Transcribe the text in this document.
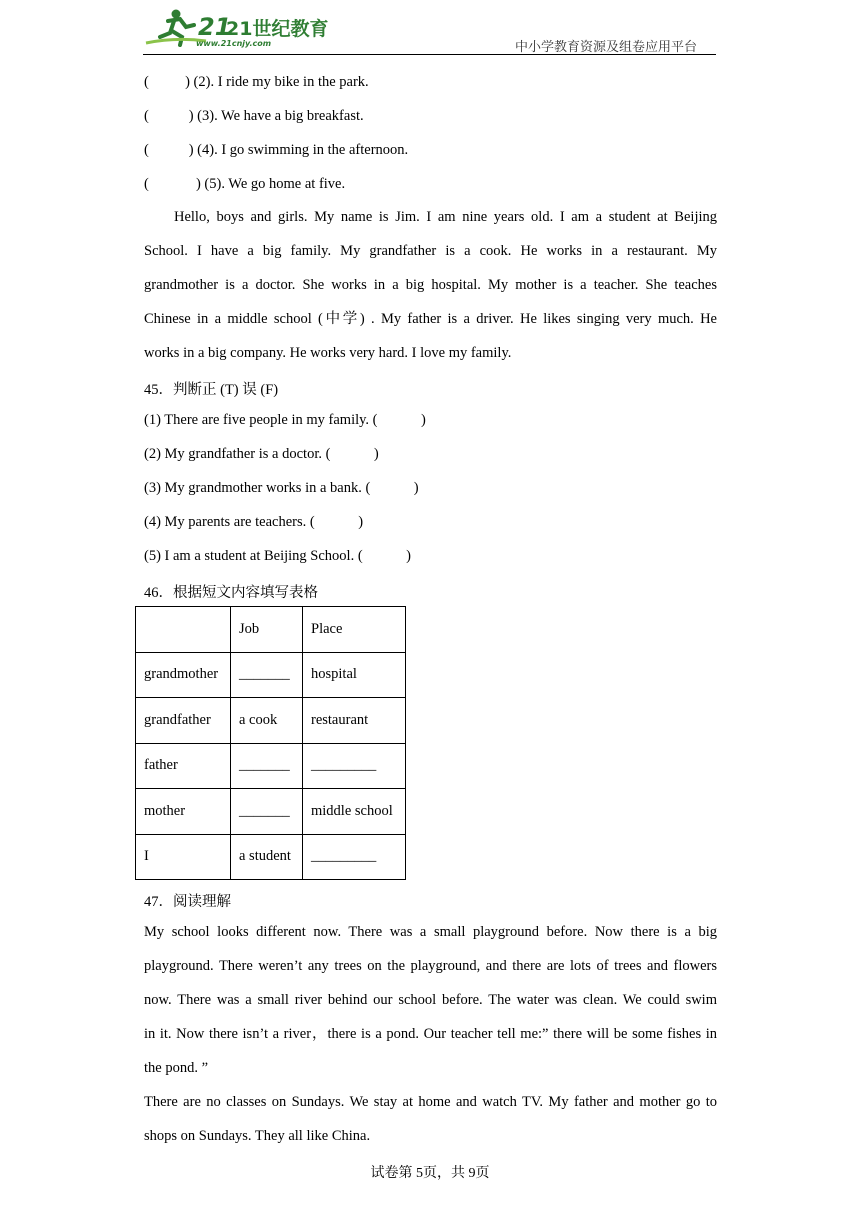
21
21世纪教育
www.21cnjy.com	中小学教育资源及组卷应用平台
(          ) (2). I ride my bike in the park.
(           ) (3). We have a big breakfast.
(           ) (4). I go swimming in the afternoon.
(             ) (5). We go home at five.
Hello, boys and girls. My name is Jim. I am nine years old. I am a student at Beijing
School. I have a big family. My grandfather is a cook. He works in a restaurant. My
grandmother is a doctor. She works in a big hospital. My mother is a teacher. She teaches
Chinese in a middle school (中学) . My father is a driver. He likes singing very much. He
works in a big company. He works very hard. I love my family.
45．判断正 (T) 误 (F)
(1) There are five people in my family. (            )
(2) My grandfather is a doctor. (            )
(3) My grandmother works in a bank. (            )
(4) My parents are teachers. (            )
(5) I am a student at Beijing School. (            )
46．根据短文内容填写表格
	Job	Place
grandmother	_______	hospital
grandfather	a cook	restaurant
father	_______	_________
mother	_______	middle school
I	a student	_________
47．阅读理解
My school looks different now. There was a small playground before. Now there is a big
playground. There weren’t any trees on the playground, and there are lots of trees and flowers
now. There was a small river behind our school before. The water was clean. We could swim
in it. Now there isn’t a river，there is a pond. Our teacher tell me:” there will be some fishes in
the pond. ”
There are no classes on Sundays. We stay at home and watch TV. My father and mother go to
shops on Sundays. They all like China.
试卷第 5页，共 9页
